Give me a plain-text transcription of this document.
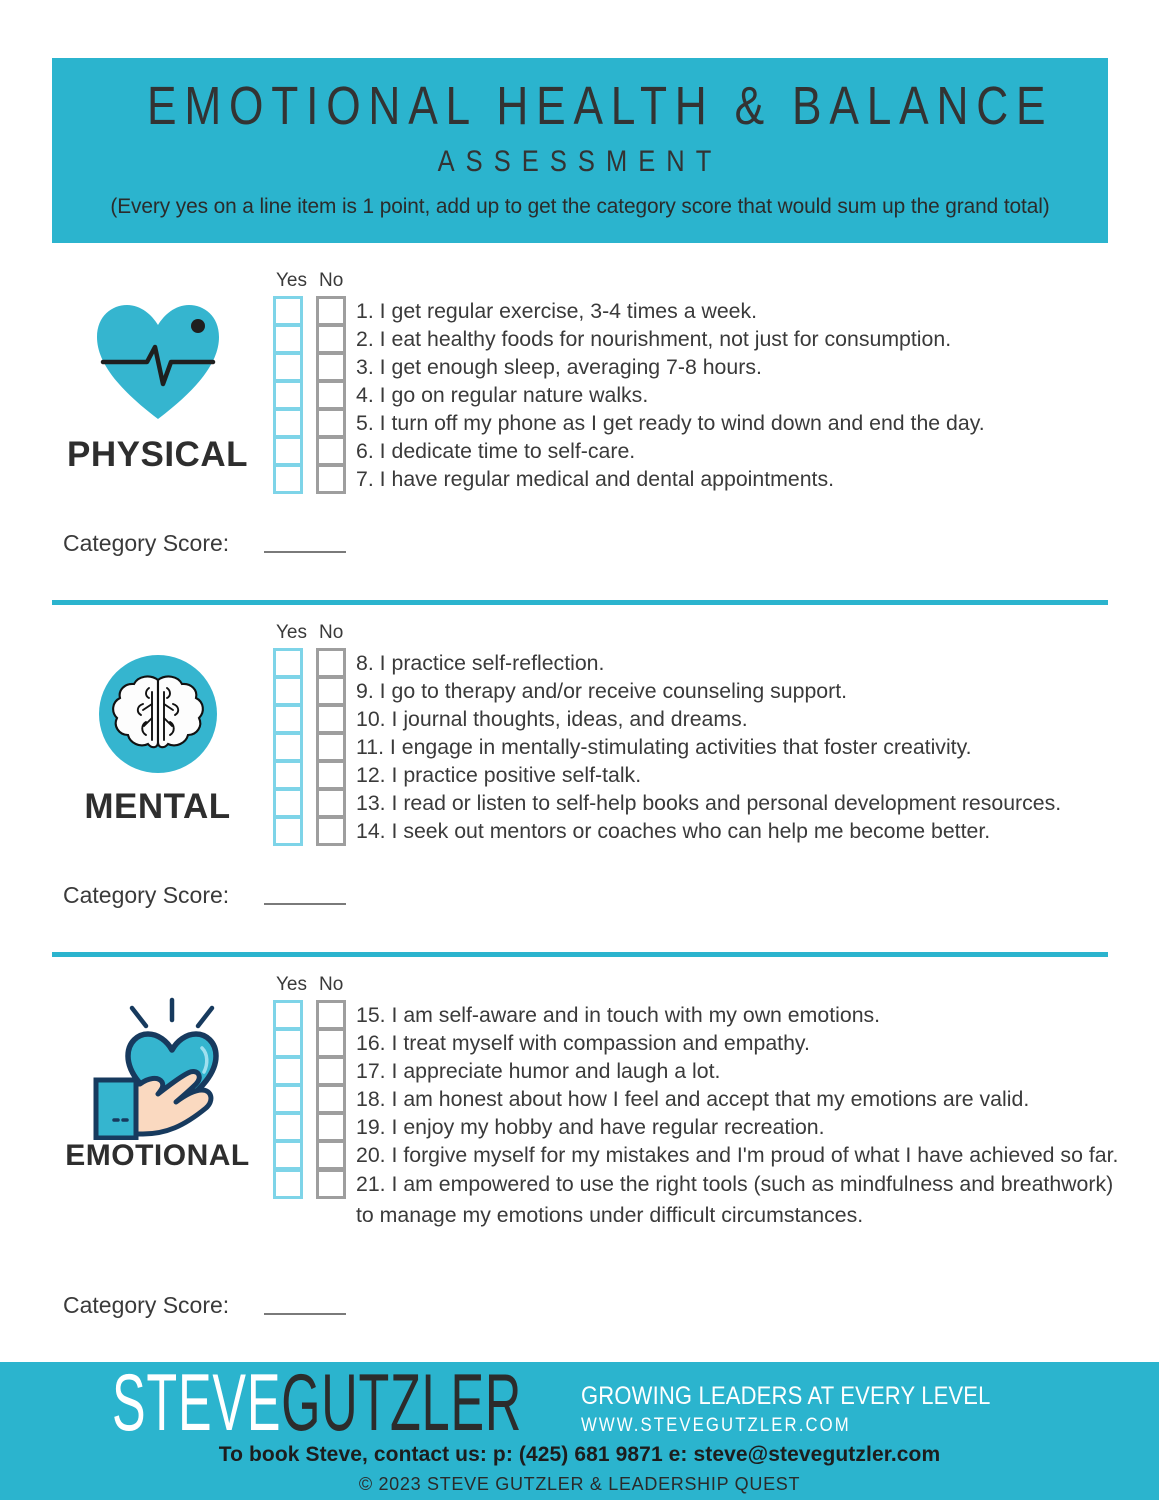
EMOTIONAL HEALTH & BALANCE
ASSESSMENT
(Every yes on a line item is 1 point, add up to get the category score that would sum up the grand total)
PHYSICAL
Yes No
1. I get regular exercise, 3-4 times a week.
2. I eat healthy foods for nourishment, not just for consumption.
3. I get enough sleep, averaging 7-8 hours.
4. I go on regular nature walks.
5. I turn off my phone as I get ready to wind down and end the day.
6. I dedicate time to self-care.
7. I have regular medical and dental appointments.
Category Score:
MENTAL
Yes No
8. I practice self-reflection.
9. I go to therapy and/or receive counseling support.
10. I journal thoughts, ideas, and dreams.
11. I engage in mentally-stimulating activities that foster creativity.
12. I practice positive self-talk.
13. I read or listen to self-help books and personal development resources.
14. I seek out mentors or coaches who can help me become better.
Category Score:
EMOTIONAL
Yes No
15. I am self-aware and in touch with my own emotions.
16. I treat myself with compassion and empathy.
17. I appreciate humor and laugh a lot.
18. I am honest about how I feel and accept that my emotions are valid.
19. I enjoy my hobby and have regular recreation.
20. I forgive myself for my mistakes and I'm proud of what I have achieved so far.
21. I am empowered to use the right tools (such as mindfulness and breathwork) to manage my emotions under difficult circumstances.
Category Score:
STEVEGUTZLER GROWING LEADERS AT EVERY LEVEL
WWW.STEVEGUTZLER.COM
To book Steve, contact us: p: (425) 681 9871 e: steve@stevegutzler.com
© 2023 STEVE GUTZLER & LEADERSHIP QUEST
